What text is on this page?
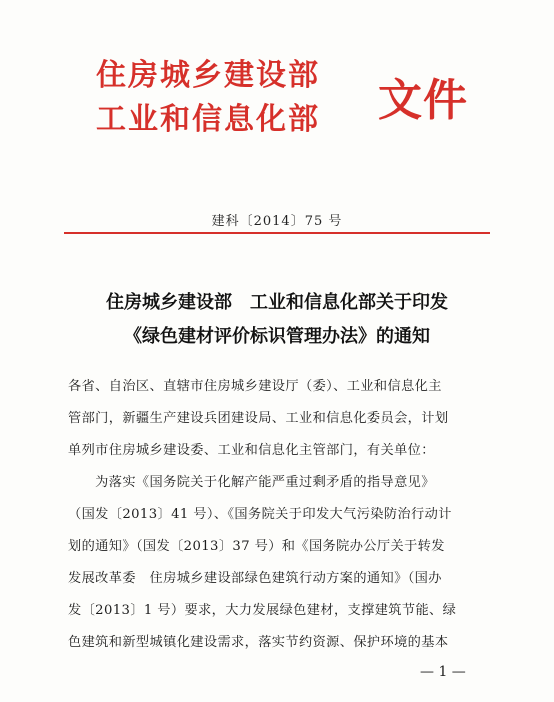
住房城乡建设部
工业和信息化部 文件
建科〔2014〕75 号
住房城乡建设部　工业和信息化部关于印发
《绿色建材评价标识管理办法》的通知
各省、自治区、直辖市住房城乡建设厅（委）、工业和信息化主
管部门，新疆生产建设兵团建设局、工业和信息化委员会，计划
单列市住房城乡建设委、工业和信息化主管部门，有关单位：
　　为落实《国务院关于化解产能严重过剩矛盾的指导意见》
（国发〔2013〕41 号）、《国务院关于印发大气污染防治行动计
划的通知》（国发〔2013〕37 号）和《国务院办公厅关于转发
发展改革委　住房城乡建设部绿色建筑行动方案的通知》（国办
发〔2013〕1 号）要求，大力发展绿色建材，支撑建筑节能、绿
色建筑和新型城镇化建设需求，落实节约资源、保护环境的基本
— 1 —
